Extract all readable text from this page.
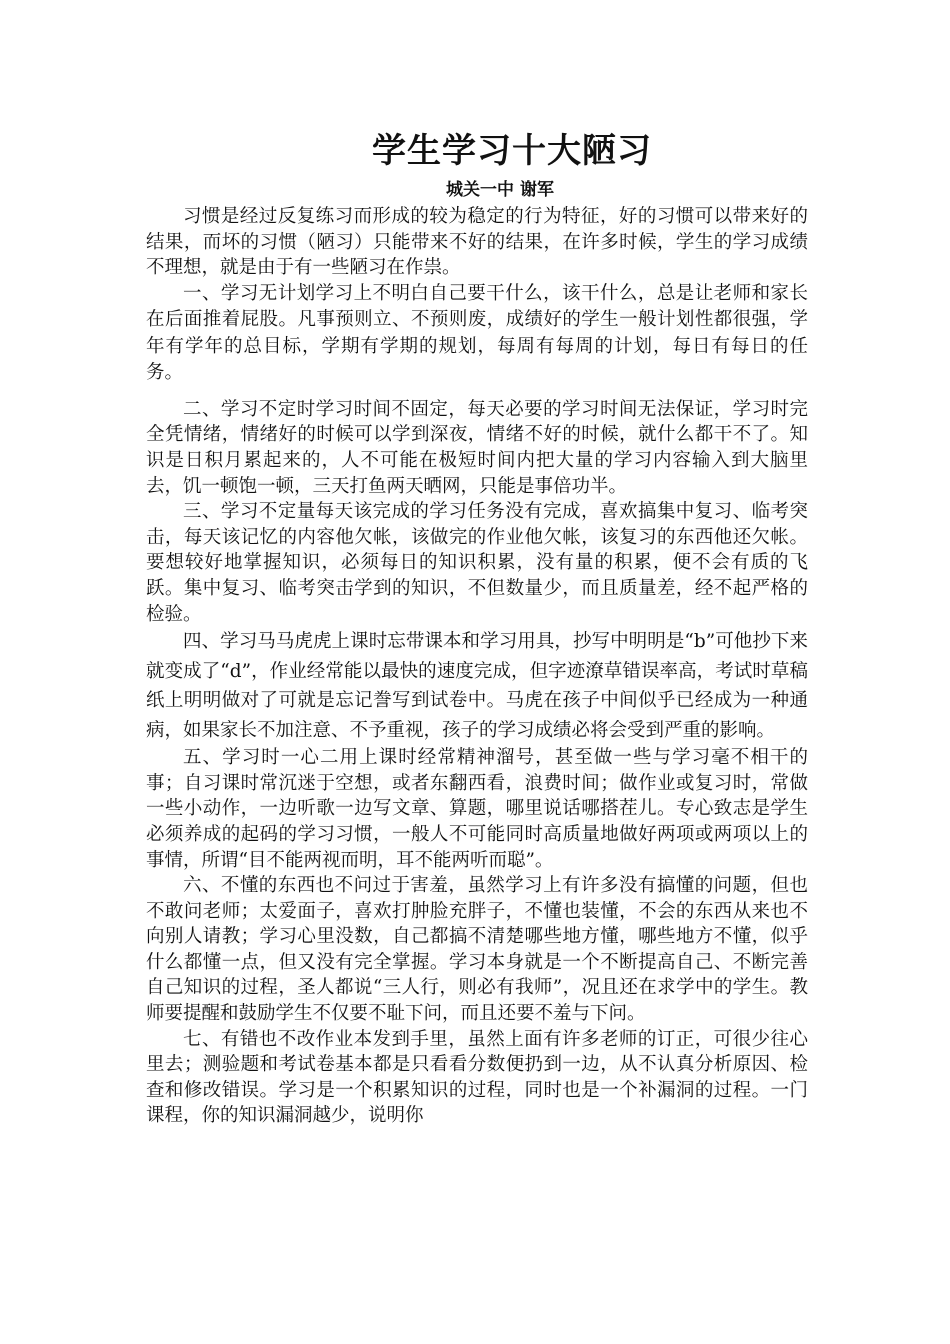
学生学习十大陋习
城关一中 谢军

习惯是经过反复练习而形成的较为稳定的行为特征，好的习惯可以带来好的结果，而坏的习惯（陋习）只能带来不好的结果，在许多时候，学生的学习成绩不理想，就是由于有一些陋习在作祟。

一、学习无计划学习上不明白自己要干什么，该干什么，总是让老师和家长在后面推着屁股。凡事预则立、不预则废，成绩好的学生一般计划性都很强，学年有学年的总目标，学期有学期的规划，每周有每周的计划，每日有每日的任务。

二、学习不定时学习时间不固定，每天必要的学习时间无法保证，学习时完全凭情绪，情绪好的时候可以学到深夜，情绪不好的时候，就什么都干不了。知识是日积月累起来的，人不可能在极短时间内把大量的学习内容输入到大脑里去，饥一顿饱一顿，三天打鱼两天晒网，只能是事倍功半。

三、学习不定量每天该完成的学习任务没有完成，喜欢搞集中复习、临考突击，每天该记忆的内容他欠帐，该做完的作业他欠帐，该复习的东西他还欠帐。要想较好地掌握知识，必须每日的知识积累，没有量的积累，便不会有质的飞跃。集中复习、临考突击学到的知识，不但数量少，而且质量差，经不起严格的检验。

四、学习马马虎虎上课时忘带课本和学习用具，抄写中明明是“b”可他抄下来就变成了“d”，作业经常能以最快的速度完成，但字迹潦草错误率高，考试时草稿纸上明明做对了可就是忘记誊写到试卷中。马虎在孩子中间似乎已经成为一种通病，如果家长不加注意、不予重视，孩子的学习成绩必将会受到严重的影响。

五、学习时一心二用上课时经常精神溜号，甚至做一些与学习毫不相干的事；自习课时常沉迷于空想，或者东翻西看，浪费时间；做作业或复习时，常做一些小动作，一边听歌一边写文章、算题，哪里说话哪搭茬儿。专心致志是学生必须养成的起码的学习习惯，一般人不可能同时高质量地做好两项或两项以上的事情，所谓“目不能两视而明，耳不能两听而聪”。

六、不懂的东西也不问过于害羞，虽然学习上有许多没有搞懂的问题，但也不敢问老师；太爱面子，喜欢打肿脸充胖子，不懂也装懂，不会的东西从来也不向别人请教；学习心里没数，自己都搞不清楚哪些地方懂，哪些地方不懂，似乎什么都懂一点，但又没有完全掌握。学习本身就是一个不断提高自己、不断完善自己知识的过程，圣人都说“三人行，则必有我师”，况且还在求学中的学生。教师要提醒和鼓励学生不仅要不耻下问，而且还要不羞与下问。

七、有错也不改作业本发到手里，虽然上面有许多老师的订正，可很少往心里去；测验题和考试卷基本都是只看看分数便扔到一边，从不认真分析原因、检查和修改错误。学习是一个积累知识的过程，同时也是一个补漏洞的过程。一门课程，你的知识漏洞越少，说明你
